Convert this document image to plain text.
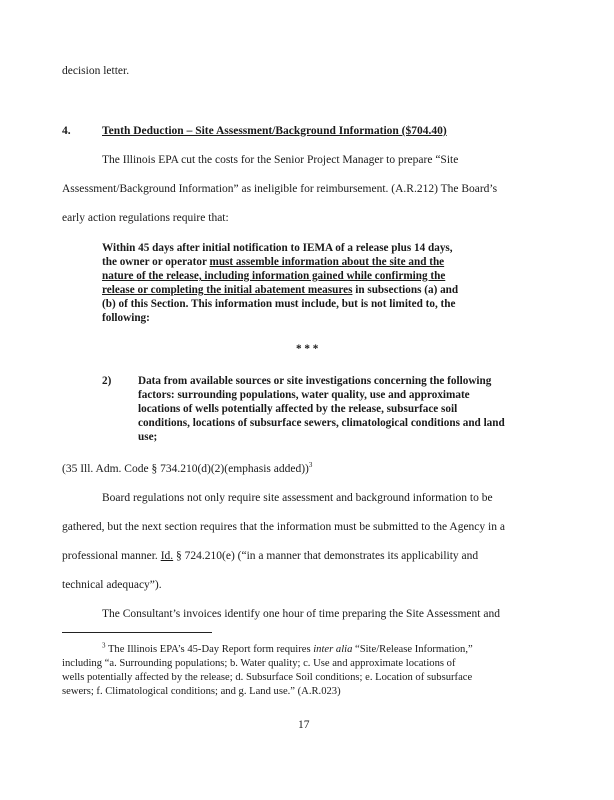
decision letter.
4.	Tenth Deduction – Site Assessment/Background Information ($704.40)
The Illinois EPA cut the costs for the Senior Project Manager to prepare “Site
Assessment/Background Information” as ineligible for reimbursement. (A.R.212) The Board’s
early action regulations require that:
Within 45 days after initial notification to IEMA of a release plus 14 days,
the owner or operator must assemble information about the site and the
nature of the release, including information gained while confirming the
release or completing the initial abatement measures in subsections (a) and
(b) of this Section. This information must include, but is not limited to, the
following:
* * *
2) Data from available sources or site investigations concerning the following
factors: surrounding populations, water quality, use and approximate
locations of wells potentially affected by the release, subsurface soil
conditions, locations of subsurface sewers, climatological conditions and land
use;
(35 Ill. Adm. Code § 734.210(d)(2)(emphasis added))$^3$
Board regulations not only require site assessment and background information to be
gathered, but the next section requires that the information must be submitted to the Agency in a
professional manner. Id. § 724.210(e) (“in a manner that demonstrates its applicability and
technical adequacy”).
The Consultant’s invoices identify one hour of time preparing the Site Assessment and
$^3$ The Illinois EPA’s 45-Day Report form requires inter alia “Site/Release Information,”
including “a. Surrounding populations; b. Water quality; c. Use and approximate locations of
wells potentially affected by the release; d. Subsurface Soil conditions; e. Location of subsurface
sewers; f. Climatological conditions; and g. Land use.” (A.R.023)
17
